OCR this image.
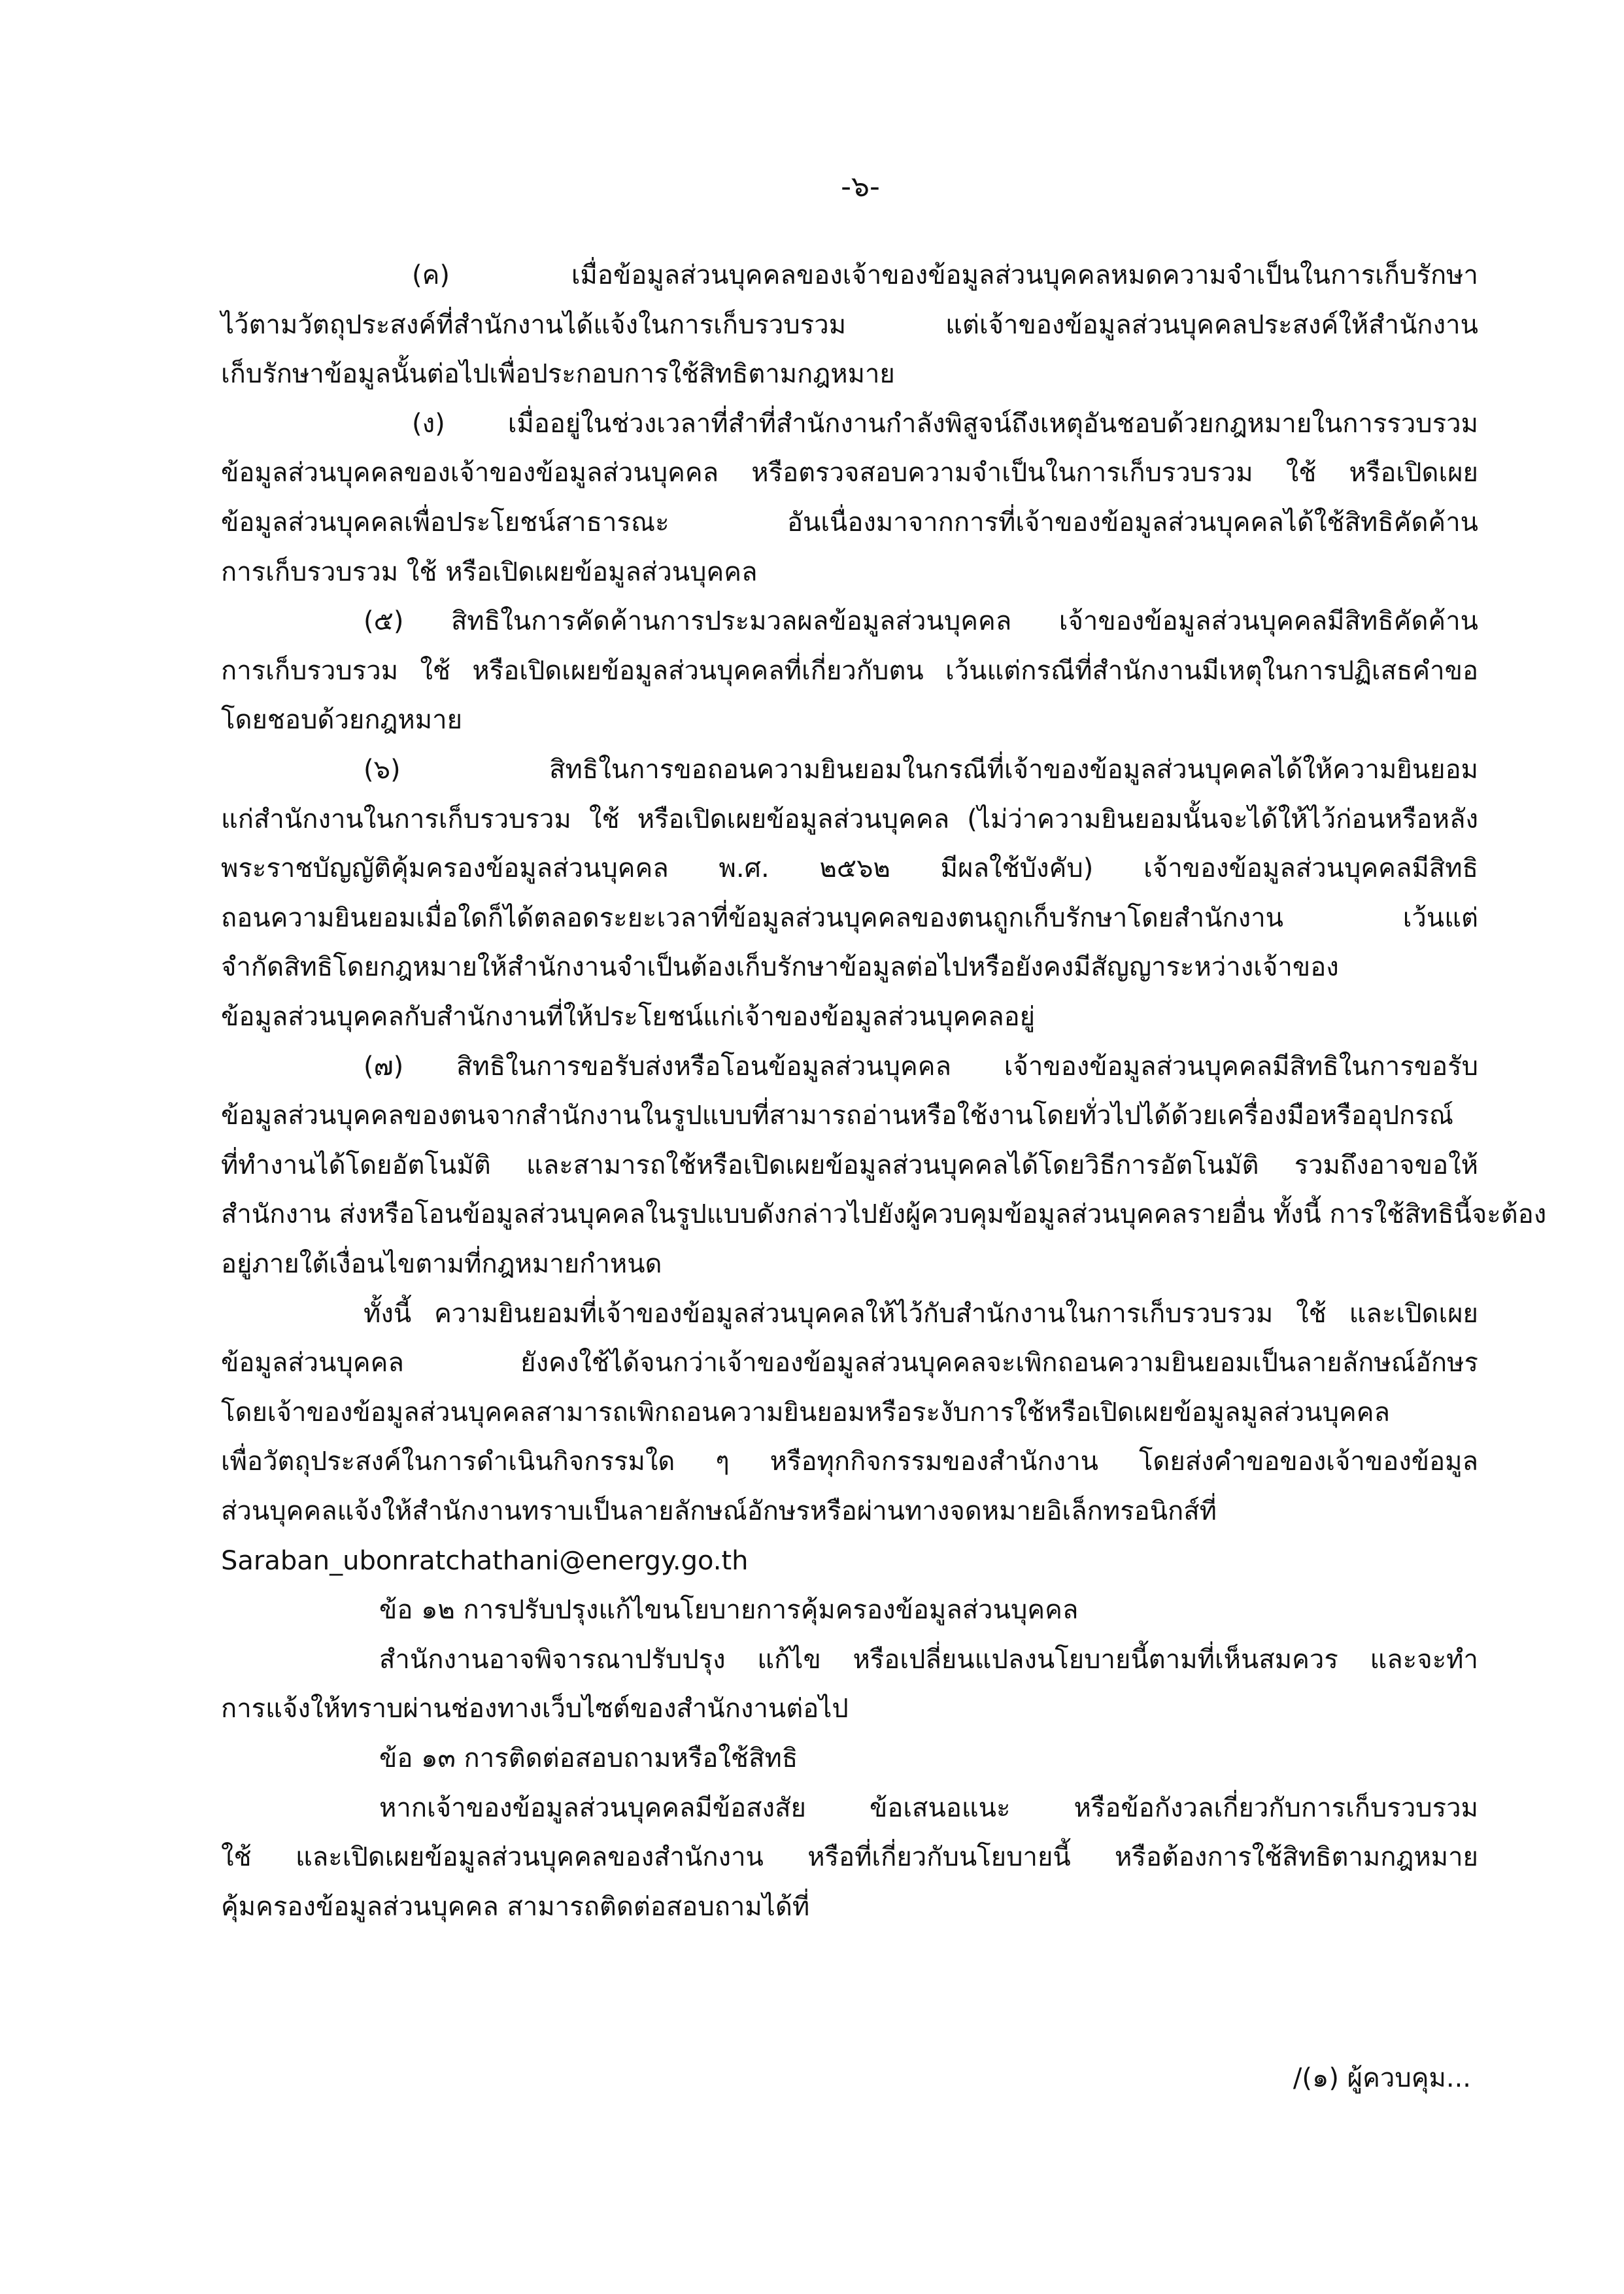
-๖-
(ค) เมื่อข้อมูลส่วนบุคคลของเจ้าของข้อมูลส่วนบุคคลหมดความจำเป็นในการเก็บรักษา
ไว้ตามวัตถุประสงค์ที่สำนักงานได้แจ้งในการเก็บรวบรวม แต่เจ้าของข้อมูลส่วนบุคคลประสงค์ให้สำนักงาน
เก็บรักษาข้อมูลนั้นต่อไปเพื่อประกอบการใช้สิทธิตามกฎหมาย
(ง) เมื่ออยู่ในช่วงเวลาที่สำที่สำนักงานกำลังพิสูจน์ถึงเหตุอันชอบด้วยกฎหมายในการรวบรวม
ข้อมูลส่วนบุคคลของเจ้าของข้อมูลส่วนบุคคล หรือตรวจสอบความจำเป็นในการเก็บรวบรวม ใช้ หรือเปิดเผย
ข้อมูลส่วนบุคคลเพื่อประโยชน์สาธารณะ อันเนื่องมาจากการที่เจ้าของข้อมูลส่วนบุคคลได้ใช้สิทธิคัดค้าน
การเก็บรวบรวม ใช้ หรือเปิดเผยข้อมูลส่วนบุคคล
(๕) สิทธิในการคัดค้านการประมวลผลข้อมูลส่วนบุคคล เจ้าของข้อมูลส่วนบุคคลมีสิทธิคัดค้าน
การเก็บรวบรวม ใช้ หรือเปิดเผยข้อมูลส่วนบุคคลที่เกี่ยวกับตน เว้นแต่กรณีที่สำนักงานมีเหตุในการปฏิเสธคำขอ
โดยชอบด้วยกฎหมาย
(๖) สิทธิในการขอถอนความยินยอมในกรณีที่เจ้าของข้อมูลส่วนบุคคลได้ให้ความยินยอม
แก่สำนักงานในการเก็บรวบรวม ใช้ หรือเปิดเผยข้อมูลส่วนบุคคล (ไม่ว่าความยินยอมนั้นจะได้ให้ไว้ก่อนหรือหลัง
พระราชบัญญัติคุ้มครองข้อมูลส่วนบุคคล พ.ศ. ๒๕๖๒ มีผลใช้บังคับ) เจ้าของข้อมูลส่วนบุคคลมีสิทธิ
ถอนความยินยอมเมื่อใดก็ได้ตลอดระยะเวลาที่ข้อมูลส่วนบุคคลของตนถูกเก็บรักษาโดยสำนักงาน เว้นแต่
จำกัดสิทธิโดยกฎหมายให้สำนักงานจำเป็นต้องเก็บรักษาข้อมูลต่อไปหรือยังคงมีสัญญาระหว่างเจ้าของ
ข้อมูลส่วนบุคคลกับสำนักงานที่ให้ประโยชน์แก่เจ้าของข้อมูลส่วนบุคคลอยู่
(๗) สิทธิในการขอรับส่งหรือโอนข้อมูลส่วนบุคคล เจ้าของข้อมูลส่วนบุคคลมีสิทธิในการขอรับ
ข้อมูลส่วนบุคคลของตนจากสำนักงานในรูปแบบที่สามารถอ่านหรือใช้งานโดยทั่วไปได้ด้วยเครื่องมือหรืออุปกรณ์
ที่ทำงานได้โดยอัตโนมัติ และสามารถใช้หรือเปิดเผยข้อมูลส่วนบุคคลได้โดยวิธีการอัตโนมัติ รวมถึงอาจขอให้
สำนักงาน ส่งหรือโอนข้อมูลส่วนบุคคลในรูปแบบดังกล่าวไปยังผู้ควบคุมข้อมูลส่วนบุคคลรายอื่น ทั้งนี้ การใช้สิทธินี้จะต้อง
อยู่ภายใต้เงื่อนไขตามที่กฎหมายกำหนด
ทั้งนี้ ความยินยอมที่เจ้าของข้อมูลส่วนบุคคลให้ไว้กับสำนักงานในการเก็บรวบรวม ใช้ และเปิดเผย
ข้อมูลส่วนบุคคล ยังคงใช้ได้จนกว่าเจ้าของข้อมูลส่วนบุคคลจะเพิกถอนความยินยอมเป็นลายลักษณ์อักษร
โดยเจ้าของข้อมูลส่วนบุคคลสามารถเพิกถอนความยินยอมหรือระงับการใช้หรือเปิดเผยข้อมูลมูลส่วนบุคคล
เพื่อวัตถุประสงค์ในการดำเนินกิจกรรมใด ๆ หรือทุกกิจกรรมของสำนักงาน โดยส่งคำขอของเจ้าของข้อมูล
ส่วนบุคคลแจ้งให้สำนักงานทราบเป็นลายลักษณ์อักษรหรือผ่านทางจดหมายอิเล็กทรอนิกส์ที่
Saraban_ubonratchathani@energy.go.th
ข้อ ๑๒ การปรับปรุงแก้ไขนโยบายการคุ้มครองข้อมูลส่วนบุคคล
สำนักงานอาจพิจารณาปรับปรุง แก้ไข หรือเปลี่ยนแปลงนโยบายนี้ตามที่เห็นสมควร และจะทำ
การแจ้งให้ทราบผ่านช่องทางเว็บไซต์ของสำนักงานต่อไป
ข้อ ๑๓ การติดต่อสอบถามหรือใช้สิทธิ
หากเจ้าของข้อมูลส่วนบุคคลมีข้อสงสัย ข้อเสนอแนะ หรือข้อกังวลเกี่ยวกับการเก็บรวบรวม
ใช้ และเปิดเผยข้อมูลส่วนบุคคลของสำนักงาน หรือที่เกี่ยวกับนโยบายนี้ หรือต้องการใช้สิทธิตามกฎหมาย
คุ้มครองข้อมูลส่วนบุคคล สามารถติดต่อสอบถามได้ที่
/(๑) ผู้ควบคุม...
